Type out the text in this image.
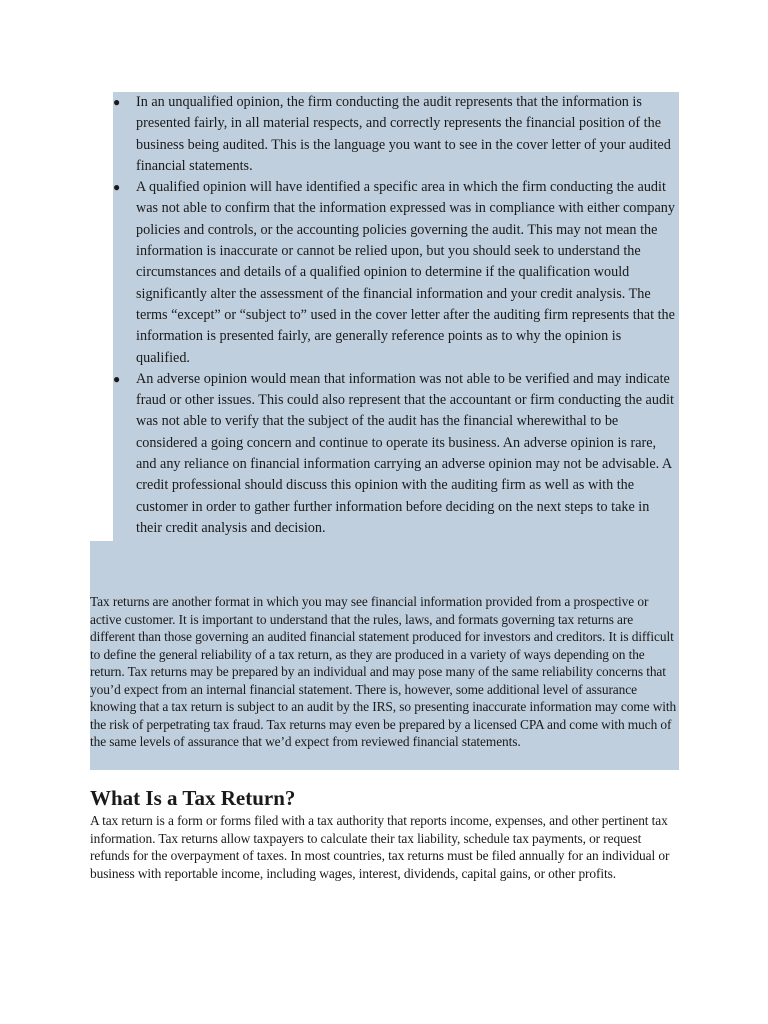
● In an unqualified opinion, the firm conducting the audit represents that the information is presented fairly, in all material respects, and correctly represents the financial position of the business being audited. This is the language you want to see in the cover letter of your audited financial statements.
● A qualified opinion will have identified a specific area in which the firm conducting the audit was not able to confirm that the information expressed was in compliance with either company policies and controls, or the accounting policies governing the audit. This may not mean the information is inaccurate or cannot be relied upon, but you should seek to understand the circumstances and details of a qualified opinion to determine if the qualification would significantly alter the assessment of the financial information and your credit analysis. The terms “except” or “subject to” used in the cover letter after the auditing firm represents that the information is presented fairly, are generally reference points as to why the opinion is qualified.
● An adverse opinion would mean that information was not able to be verified and may indicate fraud or other issues. This could also represent that the accountant or firm conducting the audit was not able to verify that the subject of the audit has the financial wherewithal to be considered a going concern and continue to operate its business. An adverse opinion is rare, and any reliance on financial information carrying an adverse opinion may not be advisable. A credit professional should discuss this opinion with the auditing firm as well as with the customer in order to gather further information before deciding on the next steps to take in their credit analysis and decision.
Tax returns are another format in which you may see financial information provided from a prospective or active customer. It is important to understand that the rules, laws, and formats governing tax returns are different than those governing an audited financial statement produced for investors and creditors. It is difficult to define the general reliability of a tax return, as they are produced in a variety of ways depending on the return. Tax returns may be prepared by an individual and may pose many of the same reliability concerns that you’d expect from an internal financial statement. There is, however, some additional level of assurance knowing that a tax return is subject to an audit by the IRS, so presenting inaccurate information may come with the risk of perpetrating tax fraud. Tax returns may even be prepared by a licensed CPA and come with much of the same levels of assurance that we’d expect from reviewed financial statements.
What Is a Tax Return?
A tax return is a form or forms filed with a tax authority that reports income, expenses, and other pertinent tax information. Tax returns allow taxpayers to calculate their tax liability, schedule tax payments, or request refunds for the overpayment of taxes. In most countries, tax returns must be filed annually for an individual or business with reportable income, including wages, interest, dividends, capital gains, or other profits.
